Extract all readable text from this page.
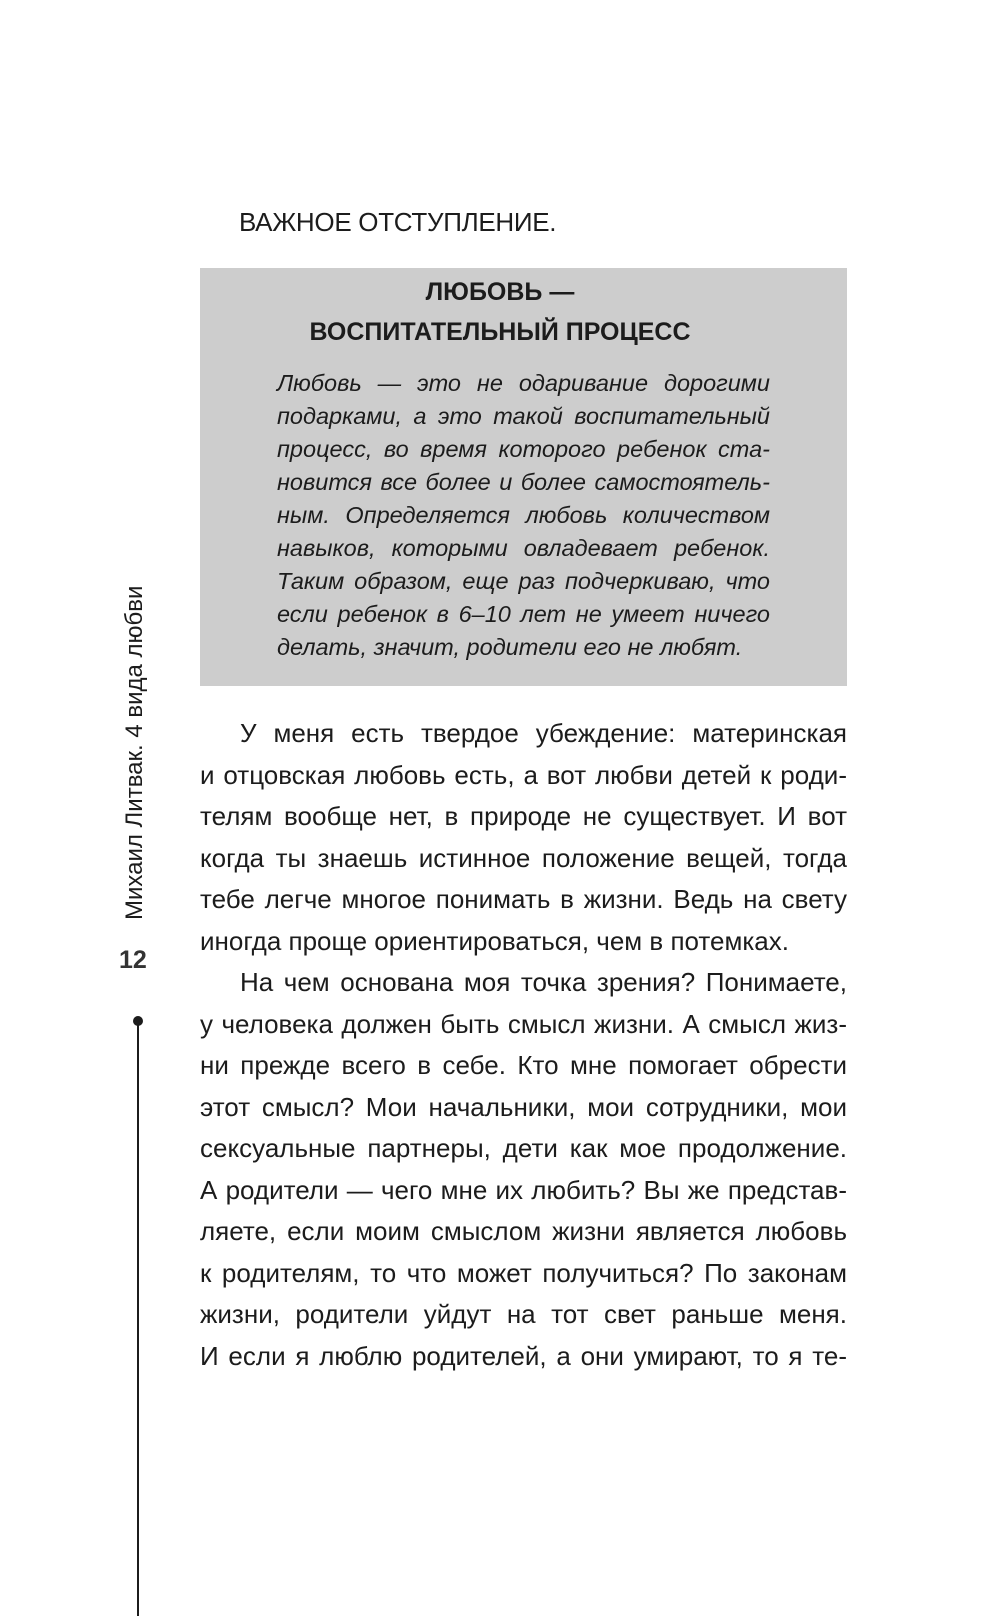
ВАЖНОЕ ОТСТУПЛЕНИЕ.
ЛЮБОВЬ —
ВОСПИТАТЕЛЬНЫЙ ПРОЦЕСС
Любовь — это не одаривание дорогими
подарками, а это такой воспитательный
процесс, во время которого ребенок ста-
новится все более и более самостоятель-
ным. Определяется любовь количеством
навыков, которыми овладевает ребенок.
Таким образом, еще раз подчеркиваю, что
если ребенок в 6–10 лет не умеет ничего
делать, значит, родители его не любят.
У меня есть твердое убеждение: материнская
и отцовская любовь есть, а вот любви детей к роди-
телям вообще нет, в природе не существует. И вот
когда ты знаешь истинное положение вещей, тогда
тебе легче многое понимать в жизни. Ведь на свету
иногда проще ориентироваться, чем в потемках.
На чем основана моя точка зрения? Понимаете,
у человека должен быть смысл жизни. А смысл жиз-
ни прежде всего в себе. Кто мне помогает обрести
этот смысл? Мои начальники, мои сотрудники, мои
сексуальные партнеры, дети как мое продолжение.
А родители — чего мне их любить? Вы же представ-
ляете, если моим смыслом жизни является любовь
к родителям, то что может получиться? По законам
жизни, родители уйдут на тот свет раньше меня.
И если я люблю родителей, а они умирают, то я те-
Михаил Литвак. 4 вида любви
12
